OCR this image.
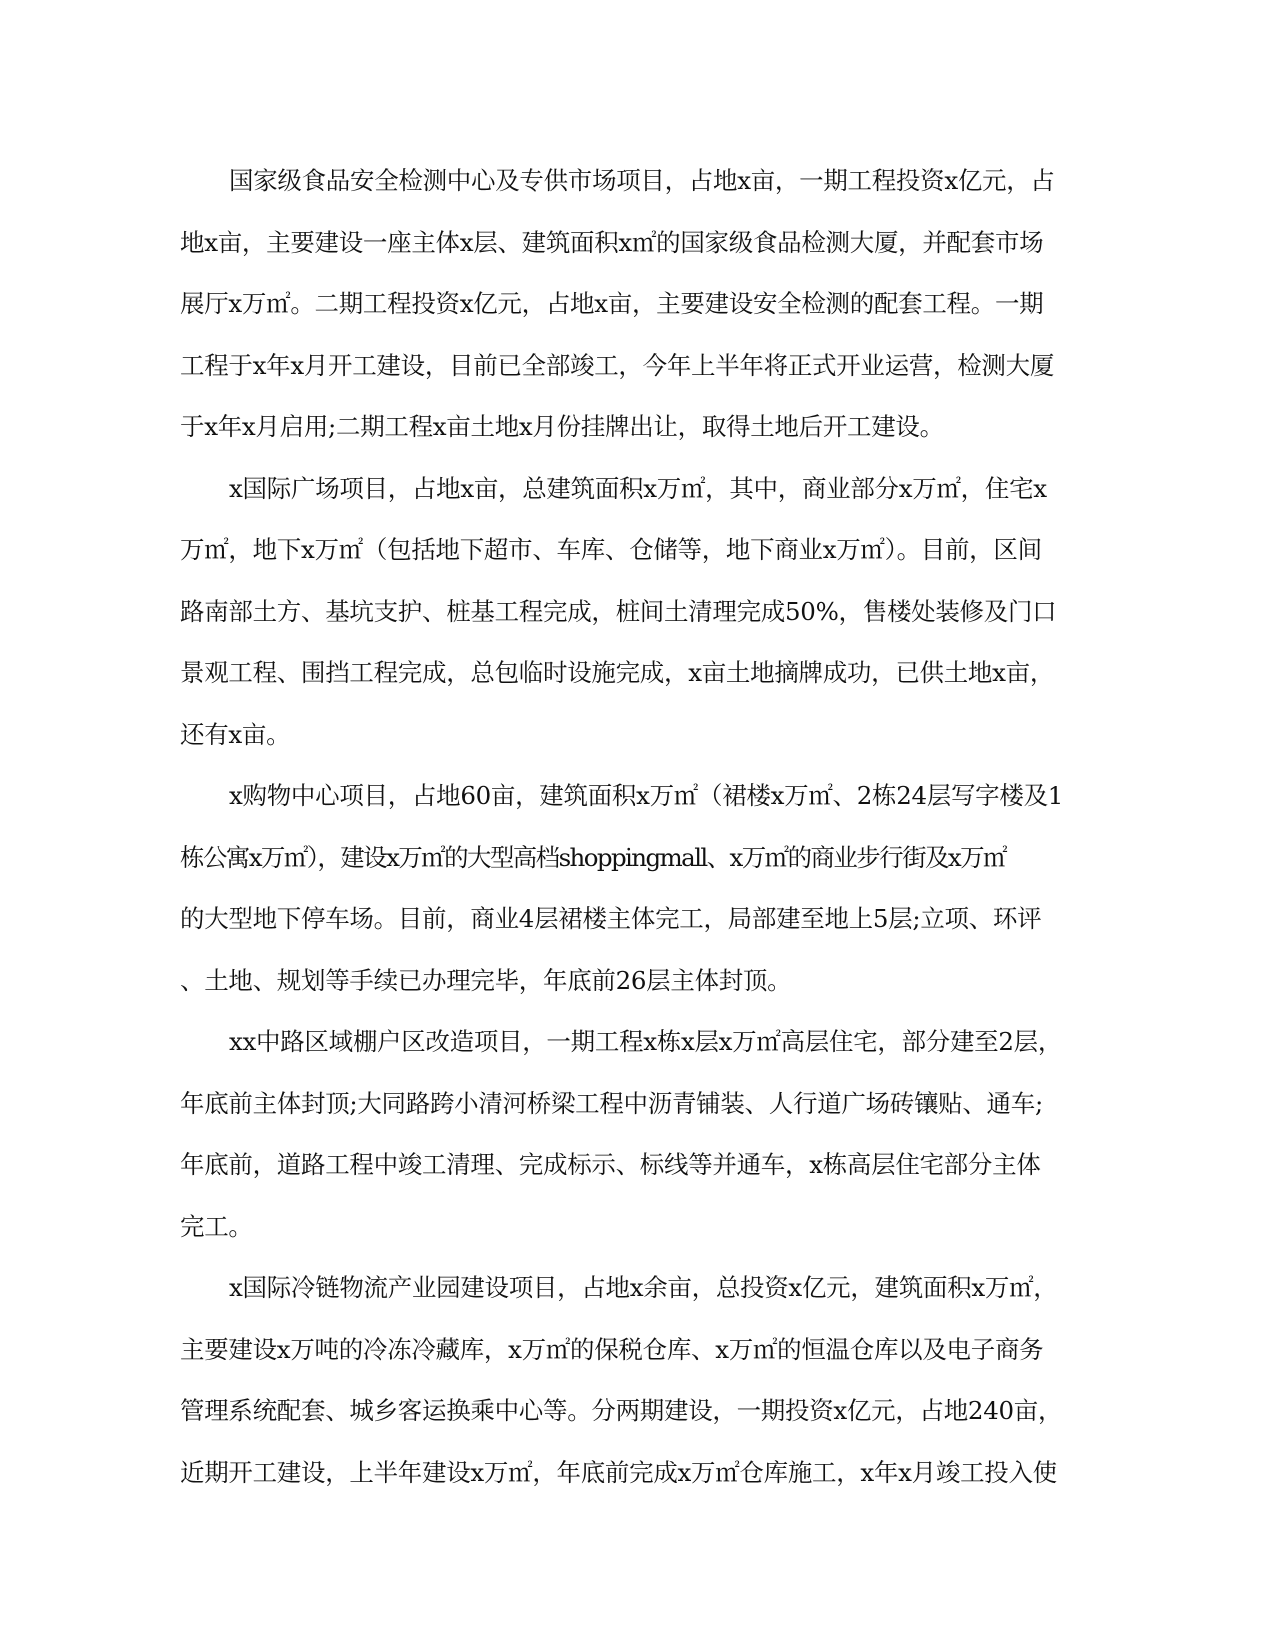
国家级食品安全检测中心及专供市场项目，占地x亩，一期工程投资x亿元，占
地x亩，主要建设一座主体x层、建筑面积x㎡的国家级食品检测大厦，并配套市场
展厅x万㎡。二期工程投资x亿元，占地x亩，主要建设安全检测的配套工程。一期
工程于x年x月开工建设，目前已全部竣工，今年上半年将正式开业运营，检测大厦
于x年x月启用;二期工程x亩土地x月份挂牌出让，取得土地后开工建设。
x国际广场项目，占地x亩，总建筑面积x万㎡，其中，商业部分x万㎡，住宅x
万㎡，地下x万㎡（包括地下超市、车库、仓储等，地下商业x万㎡）。目前，区间
路南部土方、基坑支护、桩基工程完成，桩间土清理完成50%，售楼处装修及门口
景观工程、围挡工程完成，总包临时设施完成，x亩土地摘牌成功，已供土地x亩，
还有x亩。
x购物中心项目，占地60亩，建筑面积x万㎡（裙楼x万㎡、2栋24层写字楼及1
栋公寓x万㎡），建设x万㎡的大型高档shoppingmall、x万㎡的商业步行街及x万㎡
的大型地下停车场。目前，商业4层裙楼主体完工，局部建至地上5层;立项、环评
、土地、规划等手续已办理完毕，年底前26层主体封顶。
xx中路区域棚户区改造项目，一期工程x栋x层x万㎡高层住宅，部分建至2层，
年底前主体封顶;大同路跨小清河桥梁工程中沥青铺装、人行道广场砖镶贴、通车;
年底前，道路工程中竣工清理、完成标示、标线等并通车，x栋高层住宅部分主体
完工。
x国际冷链物流产业园建设项目，占地x余亩，总投资x亿元，建筑面积x万㎡，
主要建设x万吨的冷冻冷藏库，x万㎡的保税仓库、x万㎡的恒温仓库以及电子商务
管理系统配套、城乡客运换乘中心等。分两期建设，一期投资x亿元，占地240亩，
近期开工建设，上半年建设x万㎡，年底前完成x万㎡仓库施工，x年x月竣工投入使
